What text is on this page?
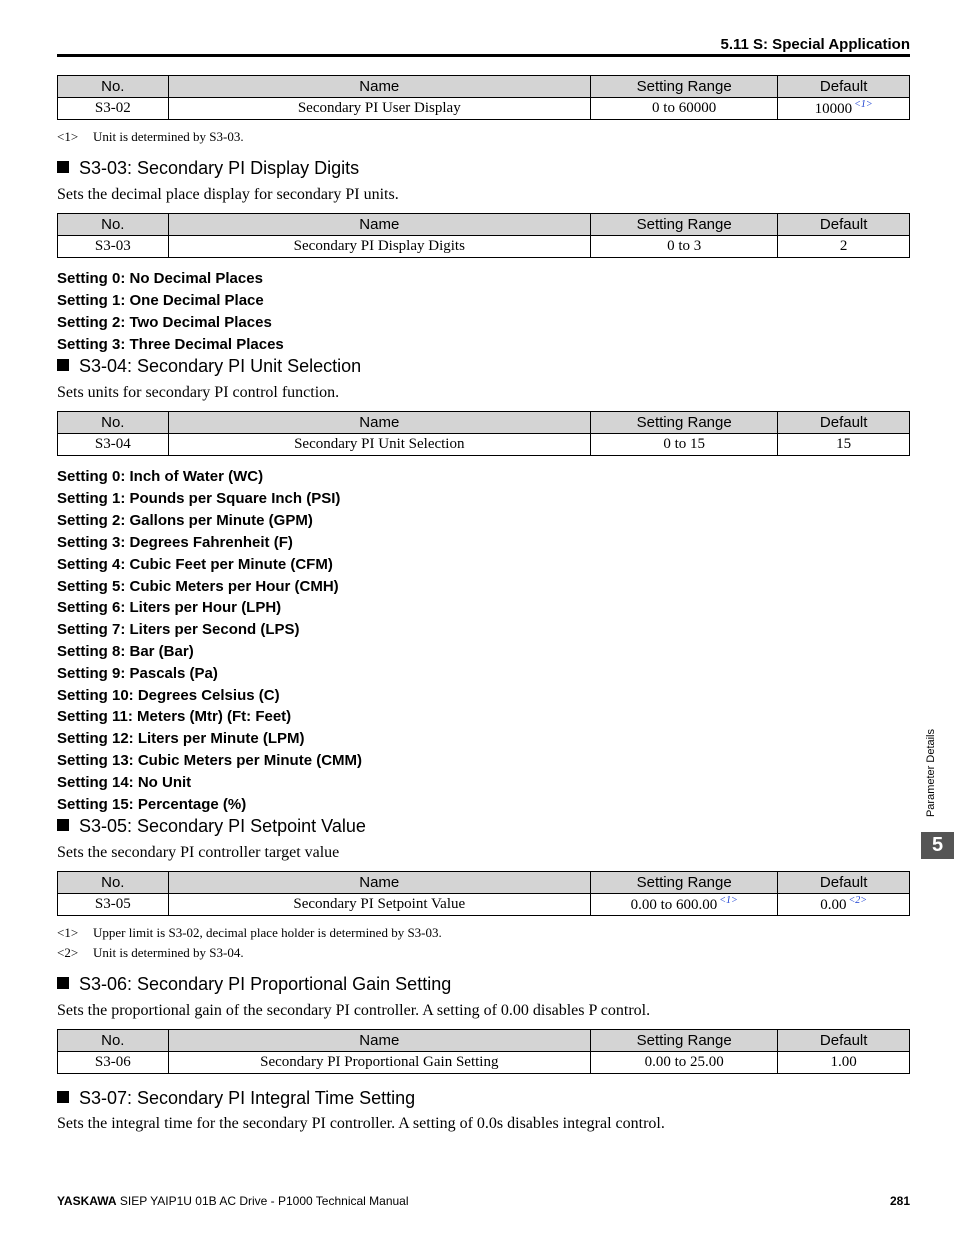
5.11 S: Special Application
No.	Name	Setting Range	Default
S3-02	Secondary PI User Display	0 to 60000	10000 $^{<1>}$
<1> Unit is determined by S3-03.
S3-03: Secondary PI Display Digits
Sets the decimal place display for secondary PI units.
No.	Name	Setting Range	Default
S3-03	Secondary PI Display Digits	0 to 3	2
Setting 0: No Decimal Places
Setting 1: One Decimal Place
Setting 2: Two Decimal Places
Setting 3: Three Decimal Places
S3-04: Secondary PI Unit Selection
Sets units for secondary PI control function.
No.	Name	Setting Range	Default
S3-04	Secondary PI Unit Selection	0 to 15	15
Setting 0: Inch of Water (WC)
Setting 1: Pounds per Square Inch (PSI)
Setting 2: Gallons per Minute (GPM)
Setting 3: Degrees Fahrenheit (F)
Setting 4: Cubic Feet per Minute (CFM)
Setting 5: Cubic Meters per Hour (CMH)
Setting 6: Liters per Hour (LPH)
Setting 7: Liters per Second (LPS)
Setting 8: Bar (Bar)
Setting 9: Pascals (Pa)
Setting 10: Degrees Celsius (C)
Setting 11: Meters (Mtr) (Ft: Feet)
Setting 12: Liters per Minute (LPM)
Setting 13: Cubic Meters per Minute (CMM)
Setting 14: No Unit
Setting 15: Percentage (%)
S3-05: Secondary PI Setpoint Value
Sets the secondary PI controller target value
No.	Name	Setting Range	Default
S3-05	Secondary PI Setpoint Value	0.00 to 600.00 $^{<1>}$	0.00 $^{<2>}$
<1> Upper limit is S3-02, decimal place holder is determined by S3-03.
<2> Unit is determined by S3-04.
S3-06: Secondary PI Proportional Gain Setting
Sets the proportional gain of the secondary PI controller. A setting of 0.00 disables P control.
No.	Name	Setting Range	Default
S3-06	Secondary PI Proportional Gain Setting	0.00 to 25.00	1.00
S3-07: Secondary PI Integral Time Setting
Sets the integral time for the secondary PI controller. A setting of 0.0s disables integral control.
Parameter Details
5
YASKAWA SIEP YAIP1U 01B AC Drive - P1000 Technical Manual	281
